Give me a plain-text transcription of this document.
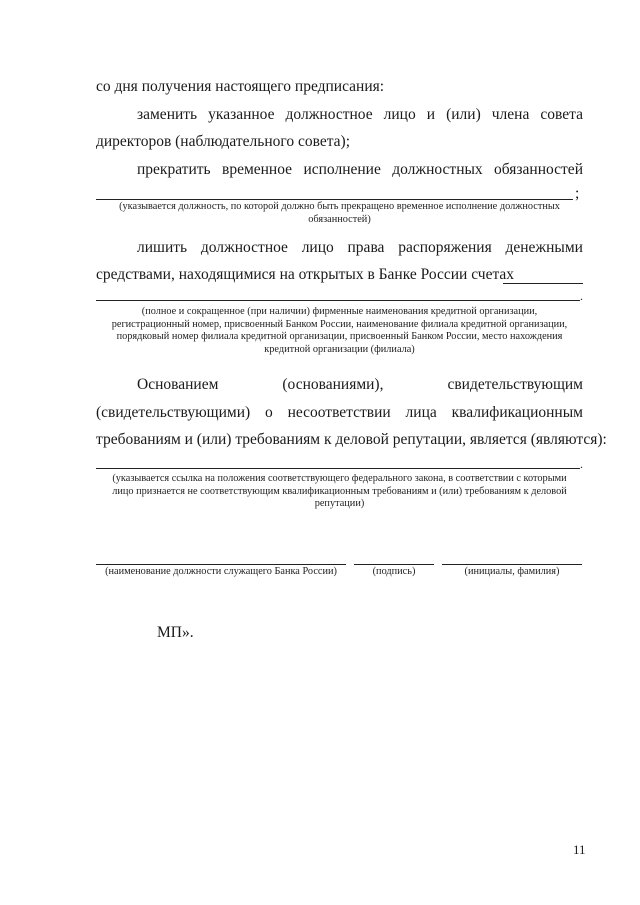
со дня получения настоящего предписания:
заменить указанное должностное лицо и (или) члена совета
директоров (наблюдательного совета);
прекратить временное исполнение должностных обязанностей
;
(указывается должность, по которой должно быть прекращено временное исполнение должностных обязанностей)
лишить должностное лицо права распоряжения денежными
средствами, находящимися на открытых в Банке России счетах
.
(полное и сокращенное (при наличии) фирменные наименования кредитной организации,
регистрационный номер, присвоенный Банком России, наименование филиала кредитной организации,
порядковый номер филиала кредитной организации, присвоенный Банком России, место нахождения
кредитной организации (филиала)
Основанием	(основаниями),	свидетельствующим
(свидетельствующими) о несоответствии лица квалификационным
требованиям и (или) требованиям к деловой репутации, является (являются):
.
(указывается ссылка на положения соответствующего федерального закона, в соответствии с которыми
лицо признается не соответствующим квалификационным требованиям и (или) требованиям к деловой
репутации)
(наименование должности служащего Банка России)	(подпись)	(инициалы, фамилия)
МП».
11
